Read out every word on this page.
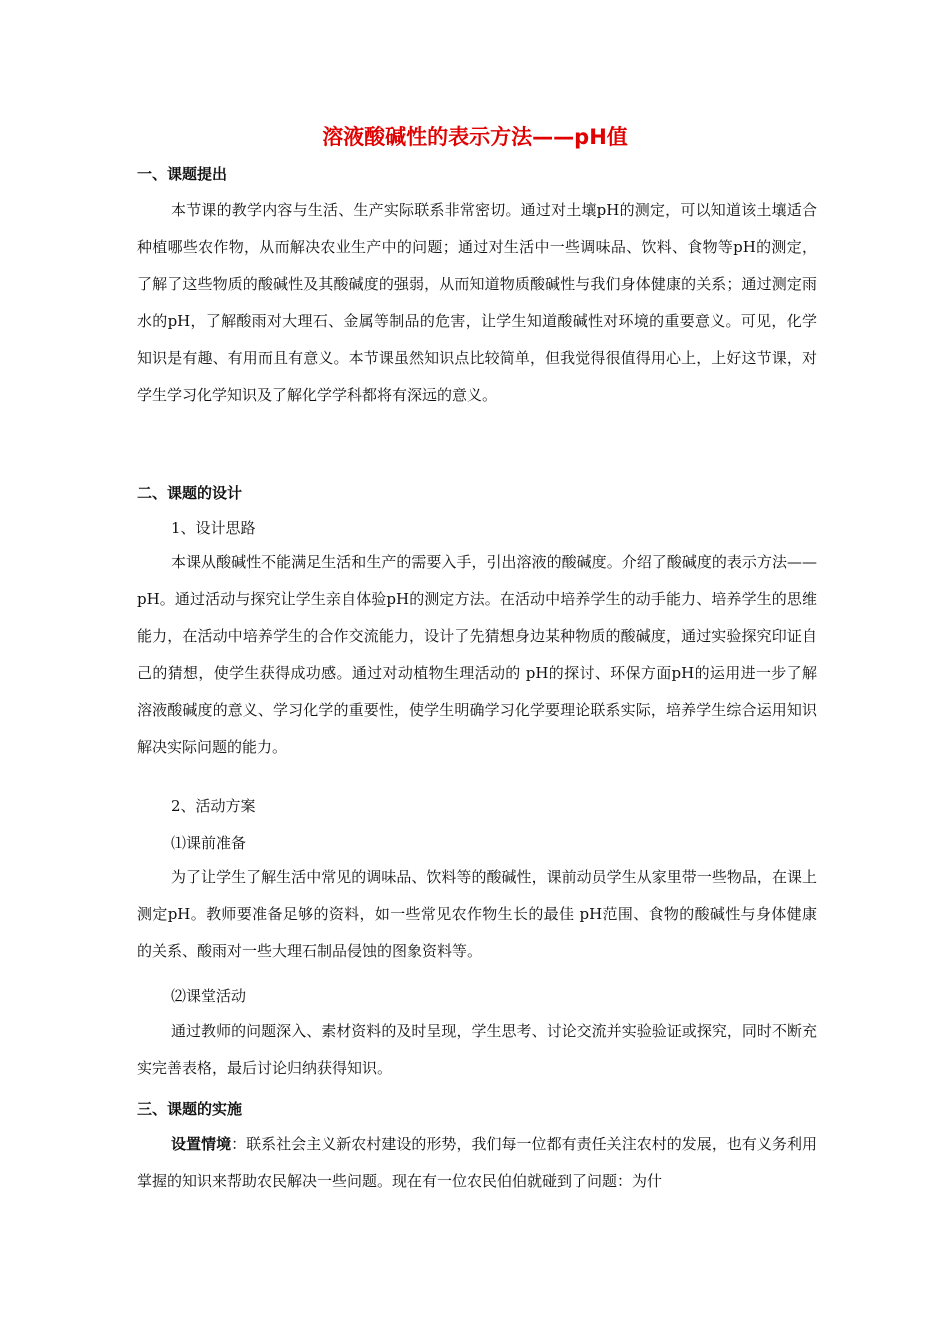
溶液酸碱性的表示方法——pH值
一、课题提出

本节课的教学内容与生活、生产实际联系非常密切。通过对土壤pH的测定，可以知道该土壤适合种植哪些农作物，从而解决农业生产中的问题；通过对生活中一些调味品、饮料、食物等pH的测定，了解了这些物质的酸碱性及其酸碱度的强弱，从而知道物质酸碱性与我们身体健康的关系；通过测定雨水的pH，了解酸雨对大理石、金属等制品的危害，让学生知道酸碱性对环境的重要意义。可见，化学知识是有趣、有用而且有意义。本节课虽然知识点比较简单，但我觉得很值得用心上，上好这节课，对学生学习化学知识及了解化学学科都将有深远的意义。

二、课题的设计
1、设计思路

本课从酸碱性不能满足生活和生产的需要入手，引出溶液的酸碱度。介绍了酸碱度的表示方法——pH。通过活动与探究让学生亲自体验pH的测定方法。在活动中培养学生的动手能力、培养学生的思维能力，在活动中培养学生的合作交流能力，设计了先猜想身边某种物质的酸碱度，通过实验探究印证自己的猜想，使学生获得成功感。通过对动植物生理活动的 pH的探讨、环保方面pH的运用进一步了解溶液酸碱度的意义、学习化学的重要性，使学生明确学习化学要理论联系实际，培养学生综合运用知识解决实际问题的能力。

2、活动方案
⑴课前准备

为了让学生了解生活中常见的调味品、饮料等的酸碱性，课前动员学生从家里带一些物品，在课上测定pH。教师要准备足够的资料，如一些常见农作物生长的最佳 pH范围、食物的酸碱性与身体健康的关系、酸雨对一些大理石制品侵蚀的图象资料等。

⑵课堂活动

通过教师的问题深入、素材资料的及时呈现，学生思考、讨论交流并实验验证或探究，同时不断充实完善表格，最后讨论归纳获得知识。

三、课题的实施

设置情境：联系社会主义新农村建设的形势，我们每一位都有责任关注农村的发展，也有义务利用掌握的知识来帮助农民解决一些问题。现在有一位农民伯伯就碰到了问题：为什
